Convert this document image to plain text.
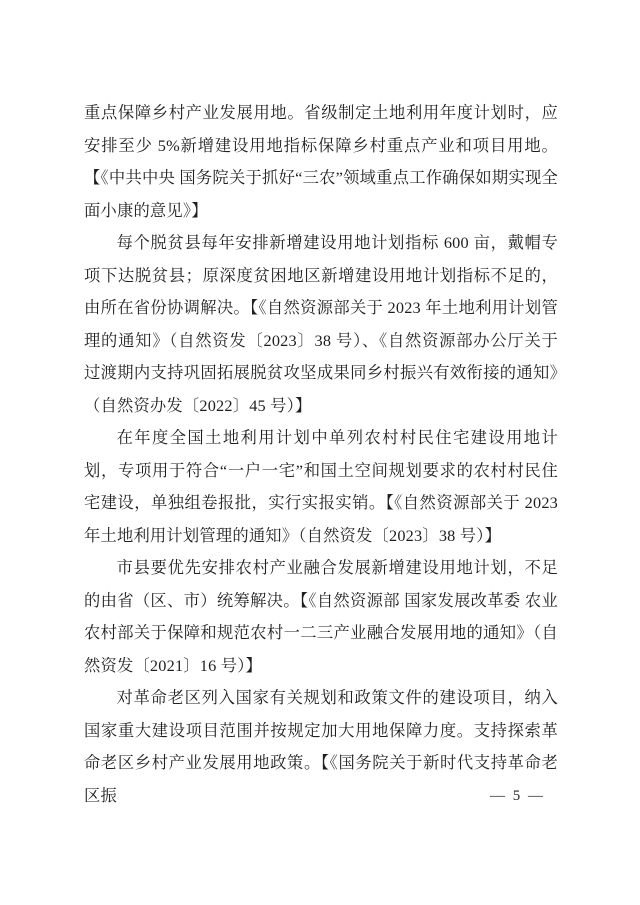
重点保障乡村产业发展用地。省级制定土地利用年度计划时，应安排至少 5%新增建设用地指标保障乡村重点产业和项目用地。【《中共中央 国务院关于抓好“三农”领域重点工作确保如期实现全面小康的意见》】

每个脱贫县每年安排新增建设用地计划指标 600 亩，戴帽专项下达脱贫县；原深度贫困地区新增建设用地计划指标不足的，由所在省份协调解决。【《自然资源部关于 2023 年土地利用计划管理的通知》（自然资发〔2023〕38 号）、《自然资源部办公厅关于过渡期内支持巩固拓展脱贫攻坚成果同乡村振兴有效衔接的通知》（自然资办发〔2022〕45 号）】

在年度全国土地利用计划中单列农村村民住宅建设用地计划，专项用于符合“一户一宅”和国土空间规划要求的农村村民住宅建设，单独组卷报批，实行实报实销。【《自然资源部关于 2023 年土地利用计划管理的通知》（自然资发〔2023〕38 号）】

市县要优先安排农村产业融合发展新增建设用地计划，不足的由省（区、市）统筹解决。【《自然资源部 国家发展改革委 农业农村部关于保障和规范农村一二三产业融合发展用地的通知》（自然资发〔2021〕16 号）】

对革命老区列入国家有关规划和政策文件的建设项目，纳入国家重大建设项目范围并按规定加大用地保障力度。支持探索革命老区乡村产业发展用地政策。【《国务院关于新时代支持革命老区振	— 5 —
